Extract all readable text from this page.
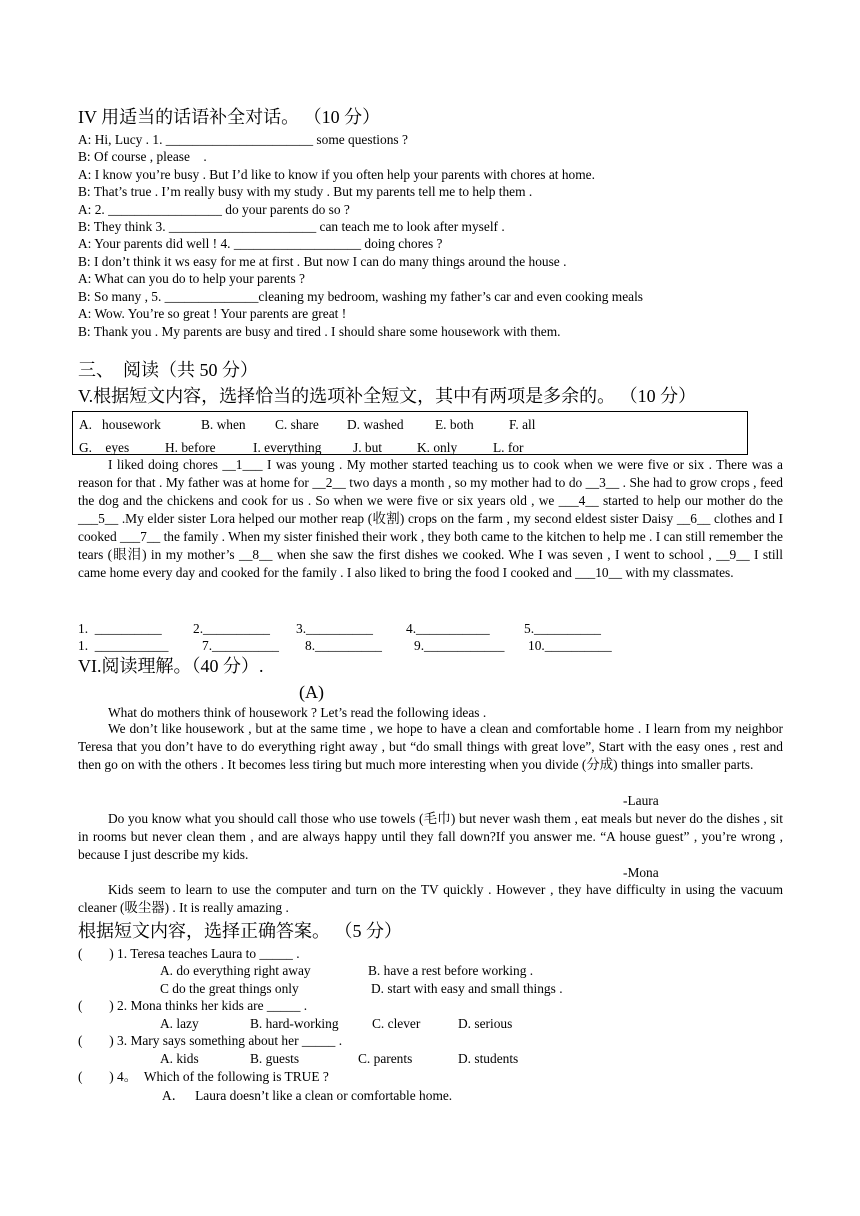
IV 用适当的话语补全对话。 （10 分）
A: Hi, Lucy . 1. ______________________ some questions ?
B: Of course , please    .
A: I know you’re busy . But I’d like to know if you often help your parents with chores at home.
B: That’s true . I’m really busy with my study . But my parents tell me to help them .
A: 2. _________________ do your parents do so ?
B: They think 3. ______________________ can teach me to look after myself .
A: Your parents did well ! 4. ___________________ doing chores ?
B: I don’t think it ws easy for me at first . But now I can do many things around the house .
A: What can you do to help your parents ?
B: So many , 5. ______________cleaning my bedroom, washing my father’s car and even cooking meals
A: Wow. You’re so great ! Your parents are great !
B: Thank you . My parents are busy and tired . I should share some housework with them.
三、  阅读（共 50 分）
V.根据短文内容，选择恰当的选项补全短文，其中有两项是多余的。 （10 分）
A.   housework	B. when C. share D. washed E. both	F. all
G.    eyes	H. before	I. everything J. but	K. only	L. for
I liked doing chores __1___ I was young . My mother started teaching us to cook when we were five or six . There was a reason for that . My father was at home for __2__ two days a month , so my mother had to do __3__ . She had to grow crops , feed the dog and the chickens and cook for us . So when we were five or six years old , we ___4__ started to help our mother do the ___5__ .My elder sister Lora helped our mother reap (收割) crops on the farm , my second eldest sister Daisy __6__ clothes and I cooked ___7__ the family . When my sister finished their work , they both came to the kitchen to help me . I can still remember the tears (眼泪) in my mother’s __8__ when she saw the first dishes we cooked. Whe I was seven , I went to school , __9__ I still came home every day and cooked for the family . I also liked to bring the food I cooked and ___10__ with my classmates.
1.  __________ 2.__________ 3.__________ 4.___________	5.__________
1.  ___________	7.__________ 8.__________ 9.____________ 10.__________
VI.阅读理解。（40 分）.
(A)
What do mothers think of housework ? Let’s read the following ideas .
We don’t like housework , but at the same time , we hope to have a clean and comfortable home . I learn from my neighbor Teresa that you don’t have to do everything right away , but “do small things with great love”, Start with the easy ones , rest and then go on with the others . It becomes less tiring but much more interesting when you divide (分成) things into smaller parts.
-Laura
Do you know what you should call those who use towels (毛巾) but never wash them , eat meals but never do the dishes , sit in rooms but never clean them , and are always happy until they fall down?If you answer me. “A house guest” , you’re wrong , because I just describe my kids.
-Mona
Kids seem to learn to use the computer and turn on the TV quickly . However , they have difficulty in using the vacuum cleaner (吸尘器) . It is really amazing .
根据短文内容，选择正确答案。 （5 分）
(        ) 1. Teresa teaches Laura to _____ .
A. do everything right away	B. have a rest before working .
C do the great things only	D. start with easy and small things .
(        ) 2. Mona thinks her kids are _____ .
A. lazy	B. hard-working C. clever	D. serious
(        ) 3. Mary says something about her _____ .
A. kids	B. guests	C. parents	D. students
(        ) 4。  Which of the following is TRUE ?
A．   Laura doesn’t like a clean or comfortable home.
